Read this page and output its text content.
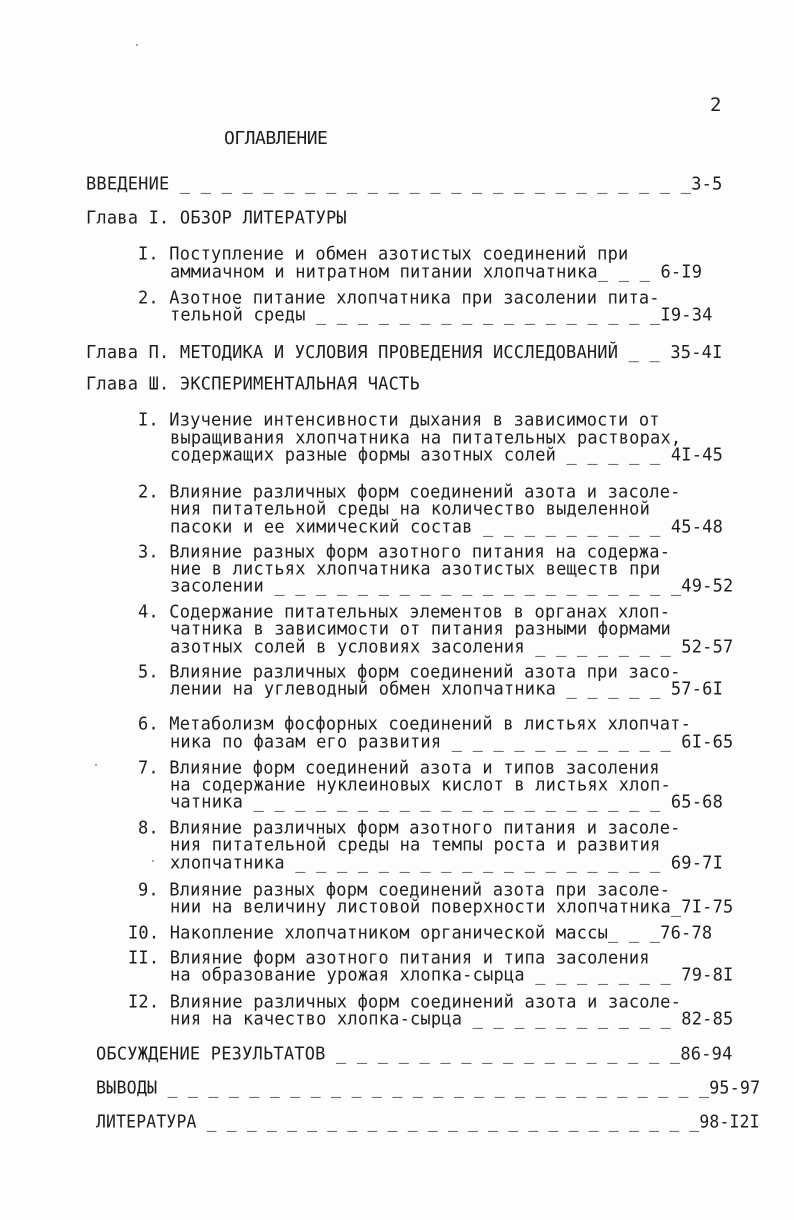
2
ОГЛАВЛЕНИЕ
ВВЕДЕНИЕ _ _ _ _ _ _ _ _ _ _ _ _ _ _ _ _ _ _ _ _ _ _ _ _ _3-5
Глава I. ОБЗОР ЛИТЕРАТУРЫ
I. Поступление и обмен азотистых соединений при
аммиачном и нитратном питании хлопчатника_ _ _ 6-I9
2. Азотное питание хлопчатника при засолении пита-
тельной среды _ _ _ _ _ _ _ _ _ _ _ _ _ _ _ _ _I9-34
Глава П. МЕТОДИКА И УСЛОВИЯ ПРОВЕДЕНИЯ ИССЛЕДОВАНИЙ _ _ 35-4I
Глава Ш. ЭКСПЕРИМЕНТАЛЬНАЯ ЧАСТЬ
I. Изучение интенсивности дыхания в зависимости от
выращивания хлопчатника на питательных растворах,
содержащих разные формы азотных солей _ _ _ _ _ 4I-45
2. Влияние различных форм соединений азота и засоле-
ния питательной среды на количество выделенной
пасоки и ее химический состав _ _ _ _ _ _ _ _ _ 45-48
3. Влияние разных форм азотного питания на содержа-
ние в листьях хлопчатника азотистых веществ при
засолении _ _ _ _ _ _ _ _ _ _ _ _ _ _ _ _ _ _ _ _49-52
4. Содержание питательных элементов в органах хлоп-
чатника в зависимости от питания разными формами
азотных солей в условиях засоления _ _ _ _ _ _ _ 52-57
5. Влияние различных форм соединений азота при засо-
лении на углеводный обмен хлопчатника _ _ _ _ _ 57-6I
6. Метаболизм фосфорных соединений в листьях хлопчат-
ника по фазам его развития _ _ _ _ _ _ _ _ _ _ _ 6I-65
7. Влияние форм соединений азота и типов засоления
на содержание нуклеиновых кислот в листьях хлоп-
чатника _ _ _ _ _ _ _ _ _ _ _ _ _ _ _ _ _ _ _ _ 65-68
8. Влияние различных форм азотного питания и засоле-
ния питательной среды на темпы роста и развития
хлопчатника _ _ _ _ _ _ _ _ _ _ _ _ _ _ _ _ _ _ 69-7I
9. Влияние разных форм соединений азота при засоле-
нии на величину листовой поверхности хлопчатника_7I-75
I0. Накопление хлопчатником органической массы_ _ _76-78
II. Влияние форм азотного питания и типа засоления
на образование урожая хлопка-сырца _ _ _ _ _ _ _ 79-8I
I2. Влияние различных форм соединений азота и засоле-
ния на качество хлопка-сырца _ _ _ _ _ _ _ _ _ _ 82-85
ОБСУЖДЕНИЕ РЕЗУЛЬТАТОВ _ _ _ _ _ _ _ _ _ _ _ _ _ _ _ _ _86-94
ВЫВОДЫ _ _ _ _ _ _ _ _ _ _ _ _ _ _ _ _ _ _ _ _ _ _ _ _ _ _ _95-97
ЛИТЕРАТУРА _ _ _ _ _ _ _ _ _ _ _ _ _ _ _ _ _ _ _ _ _ _ _ _ _98-I2I
